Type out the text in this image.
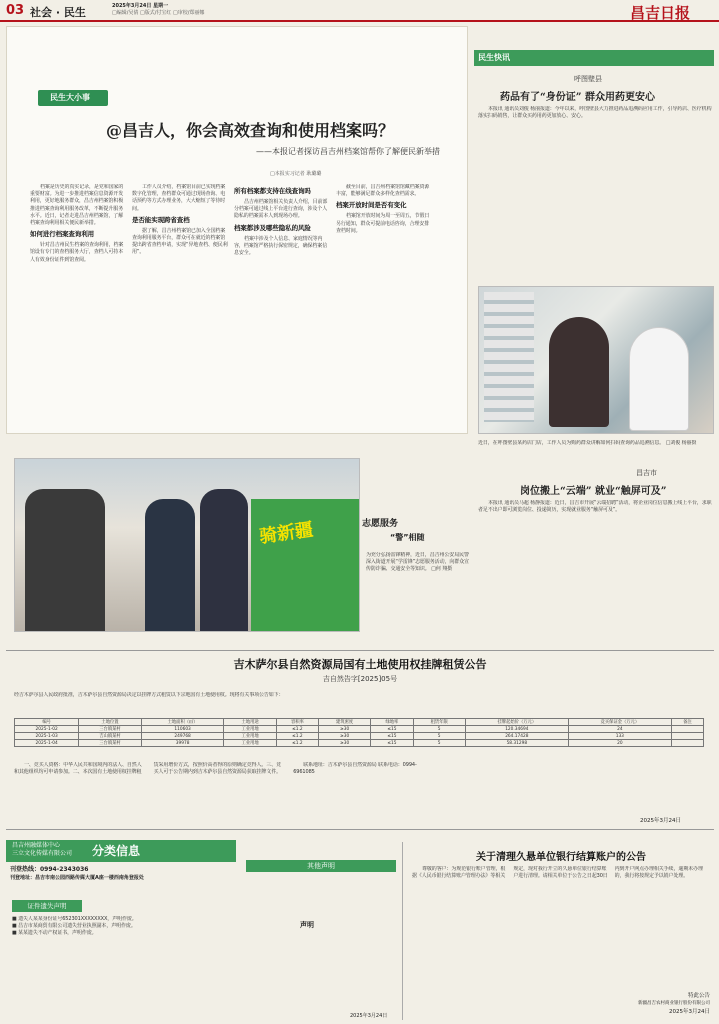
03 社会 · 民生	2025年3月24日 星期一
□编辑/吴倩 □版式/付宝红 □审校/郑丽娜	昌吉日报
民生大小事
@昌吉人，你会高效查询和使用档案吗？
——本报记者探访昌吉州档案馆帮你了解便民新举措
□本报实习记者 耿璐璐

档案是历史的真实记录，是党和国家的重要财富。为进一步推进档案信息资源开发利用，更好地服务群众，昌吉州档案馆积极推进档案查询利用服务改革，不断提升服务水平。近日，记者走进昌吉州档案馆，了解档案查询利用相关便民新举措。

如何进行档案查询利用

针对昌吉州民生档案的查询利用，档案馆设有专门的查档服务大厅，查档人可持本人有效身份证件到馆查阅。

工作人员介绍，档案馆目前已实现档案数字化管理，查档群众可通过现场查询、电话预约等方式办理业务，大大缩短了等待时间。

是否能实现跨省查档

据了解，昌吉州档案馆已加入全国档案查询利用服务平台，群众可在就近的档案馆提出跨省查档申请，实现“异地查档、便民利用”。

所有档案都支持在线查询吗

昌吉州档案馆相关负责人介绍，目前部分档案可通过线上平台进行查询，涉及个人隐私的档案需本人到现场办理。

档案都涉及哪些隐私的风险

档案中涉及个人信息、家庭情况等内容，档案馆严格执行保密规定，确保档案信息安全。

截至目前，昌吉州档案馆馆藏档案资源丰富，能够满足群众多样化查档需求。

档案开放时间是否有变化

档案馆开放时间为周一至周五，节假日另行通知，群众可提前电话咨询，合理安排查档时间。

民生快讯
呼图壁县
药品有了“身份证” 群众用药更安心

本报讯 通讯员刘俊 杨丽报道：今年以来，呼图壁县大力推进药品追溯码应用工作，引导药店、医疗机构落实扫码销售，让群众买药用药更加放心、安心。

近日，在呼图壁县某药店门店，工作人员为购药群众讲解如何扫码查询药品追溯信息。 □刘俊 杨丽摄
昌吉市
岗位搬上“云端” 就业“触屏可及”

本报讯 通讯员马超 杨静报道：近日，昌吉市开展“云端招聘”活动，将企业岗位信息搬上线上平台，求职者足不出户即可浏览岗位、投递简历，实现就业服务“触屏可及”。

骑新疆	志愿服务
“警”相随
为充分弘扬雷锋精神，近日，昌吉州公安局民警深入街道开展“学雷锋”志愿服务活动，向群众宣传防诈骗、交通安全等知识。 □何 翔摄
吉木萨尔县自然资源局国有土地使用权挂牌租赁公告
吉自然告字[2025]05号
经吉木萨尔县人民政府批准，吉木萨尔县自然资源局决定以挂牌方式租赁以下宗地国有土地使用权。现将有关事项公告如下：
编号	土地位置	土地面积（㎡）	土地用途	容积率	建筑密度	绿地率	租赁年限	挂牌起始价（万元）	竞买保证金（万元）	备注
2025-1-02	三台镇某村	110603	工业用地	≤1.2	≥30	≤15	5	120.34694	24	
2025-1-03	吉山镇某村	249768	工业用地	≤1.2	≥30	≤15	5	264.17428	133	
2025-1-04	三台镇某村	39978	工业用地	≤1.2	≥30	≤15	5	58.31298	20	

一、竞买人资格：中华人民共和国境内的法人、自然人和其他组织均可申请参加。二、本次国有土地使用权挂牌租赁采用增价方式，按照价高者得的原则确定竞得人。三、竞买人可于公告期内到吉木萨尔县自然资源局获取挂牌文件。

联系地址：吉木萨尔县自然资源局 联系电话：0994-6961085

2025年3月24日
昌吉州融媒体中心
三立文化传媒有限公司 分类信息
刊登热线：0994-2343036
刊登地址：昌吉市南公园西路传媒大厦A座一楼西南角登报处
证件遗失声明
■ 遗失人某某身份证号652301XXXXXXXX，声明作废。
■ 昌吉市某商贸有限公司遗失营业执照副本，声明作废。
■ 某某遗失不动产权证书，声明作废。
其他声明
声明
2025年3月24日
关于清理久悬单位银行结算账户的公告

尊敬的客户：为规范银行账户管理，根据《人民币银行结算账户管理办法》等相关规定，现对我行开立的久悬单位银行结算账户进行清理。请相关单位于公告之日起30日内到开户网点办理相关手续，逾期未办理的，我行将按规定予以销户处理。

特此公告
新疆昌吉农村商业银行股份有限公司
2025年3月24日
